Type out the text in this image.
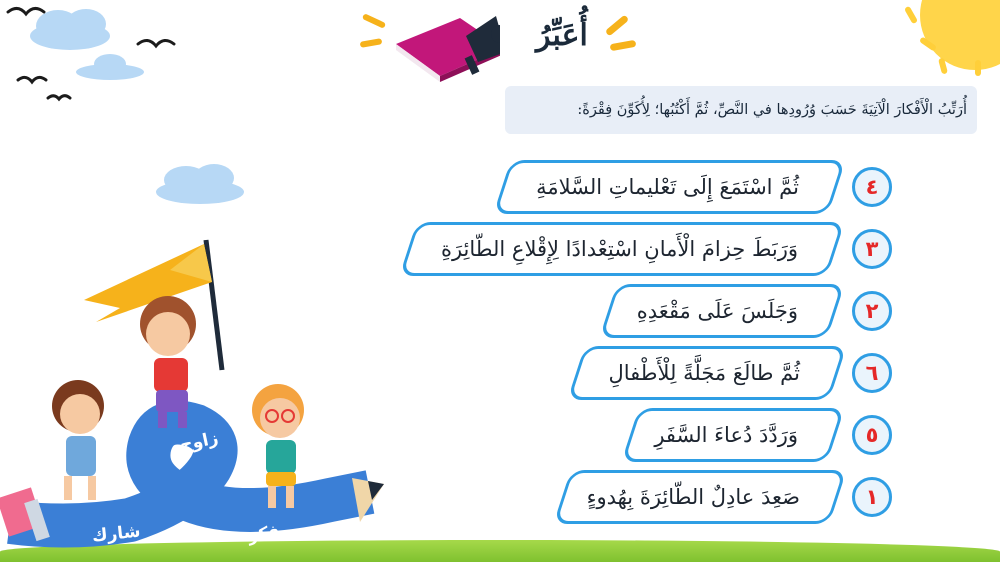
أُعَبِّرُ
أُرَتِّبُ الْأَفْكارَ الْآتِيَةَ حَسَبَ وُرُودِها في النَّصِّ، ثُمَّ أَكْتُبُها؛ لِأُكَوِّنَ فِقْرَةً:
ثُمَّ اسْتَمَعَ إِلَى تَعْليماتِ السَّلامَةِ	٤
وَرَبَطَ حِزامَ الْأَمانِ اسْتِعْدادًا لِإِقْلاعِ الطّائِرَةِ	٣
وَجَلَسَ عَلَى مَقْعَدِهِ	٢
ثُمَّ طالَعَ مَجَلَّةً لِلْأَطْفالِ	٦
وَرَدَّدَ دُعاءَ السَّفَرِ	٥
صَعِدَ عادِلٌ الطّائِرَةَ بِهُدوءٍ	١
زاوج
شارك	فكر
